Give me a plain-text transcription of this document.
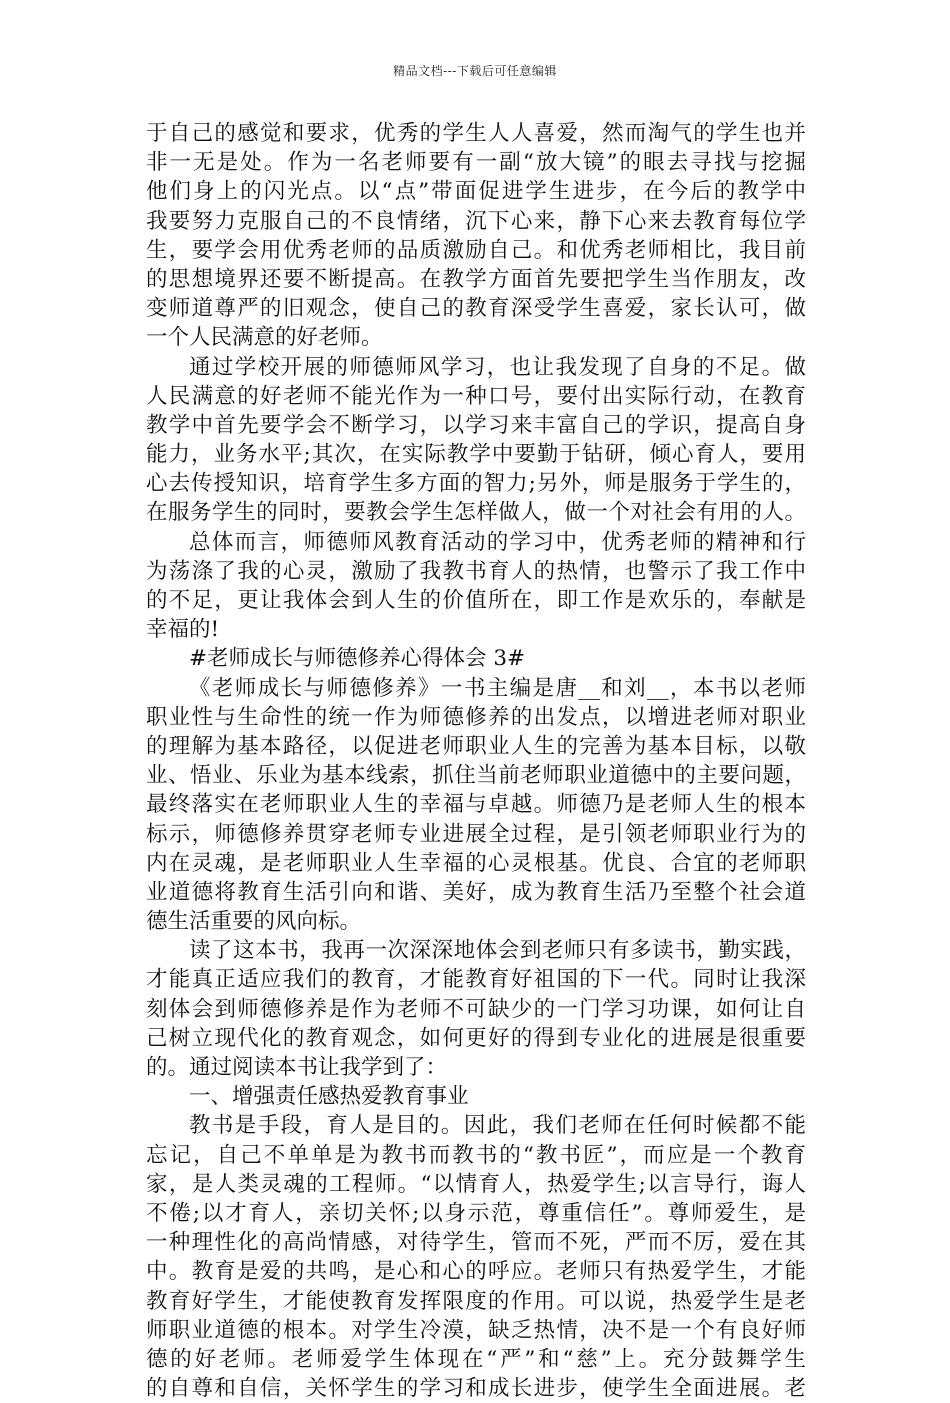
精品文档---下载后可任意编辑
于自己的感觉和要求，优秀的学生人人喜爱，然而淘气的学生也并
非一无是处。作为一名老师要有一副“放大镜”的眼去寻找与挖掘
他们身上的闪光点。以“点”带面促进学生进步，在今后的教学中
我要努力克服自己的不良情绪，沉下心来，静下心来去教育每位学
生，要学会用优秀老师的品质激励自己。和优秀老师相比，我目前
的思想境界还要不断提高。在教学方面首先要把学生当作朋友，改
变师道尊严的旧观念，使自己的教育深受学生喜爱，家长认可，做
一个人民满意的好老师。
通过学校开展的师德师风学习，也让我发现了自身的不足。做
人民满意的好老师不能光作为一种口号，要付出实际行动，在教育
教学中首先要学会不断学习，以学习来丰富自己的学识，提高自身
能力，业务水平;其次，在实际教学中要勤于钻研，倾心育人，要用
心去传授知识，培育学生多方面的智力;另外，师是服务于学生的，
在服务学生的同时，要教会学生怎样做人，做一个对社会有用的人。
总体而言，师德师风教育活动的学习中，优秀老师的精神和行
为荡涤了我的心灵，激励了我教书育人的热情，也警示了我工作中
的不足，更让我体会到人生的价值所在，即工作是欢乐的，奉献是
幸福的!
#老师成长与师德修养心得体会 3#
《老师成长与师德修养》一书主编是唐__和刘__，本书以老师
职业性与生命性的统一作为师德修养的出发点，以增进老师对职业
的理解为基本路径，以促进老师职业人生的完善为基本目标，以敬
业、悟业、乐业为基本线索，抓住当前老师职业道德中的主要问题，
最终落实在老师职业人生的幸福与卓越。师德乃是老师人生的根本
标示，师德修养贯穿老师专业进展全过程，是引领老师职业行为的
内在灵魂，是老师职业人生幸福的心灵根基。优良、合宜的老师职
业道德将教育生活引向和谐、美好，成为教育生活乃至整个社会道
德生活重要的风向标。
读了这本书，我再一次深深地体会到老师只有多读书，勤实践，
才能真正适应我们的教育，才能教育好祖国的下一代。同时让我深
刻体会到师德修养是作为老师不可缺少的一门学习功课，如何让自
己树立现代化的教育观念，如何更好的得到专业化的进展是很重要
的。通过阅读本书让我学到了：
一、增强责任感热爱教育事业
教书是手段，育人是目的。因此，我们老师在任何时候都不能
忘记，自己不单单是为教书而教书的“教书匠”，而应是一个教育
家，是人类灵魂的工程师。“以情育人，热爱学生;以言导行，诲人
不倦;以才育人，亲切关怀;以身示范，尊重信任”。尊师爱生，是
一种理性化的高尚情感，对待学生，管而不死，严而不厉，爱在其
中。教育是爱的共鸣，是心和心的呼应。老师只有热爱学生，才能
教育好学生，才能使教育发挥限度的作用。可以说，热爱学生是老
师职业道德的根本。对学生冷漠，缺乏热情，决不是一个有良好师
德的好老师。老师爱学生体现在“严”和“慈”上。充分鼓舞学生
的自尊和自信，关怀学生的学习和成长进步，使学生全面进展。老
